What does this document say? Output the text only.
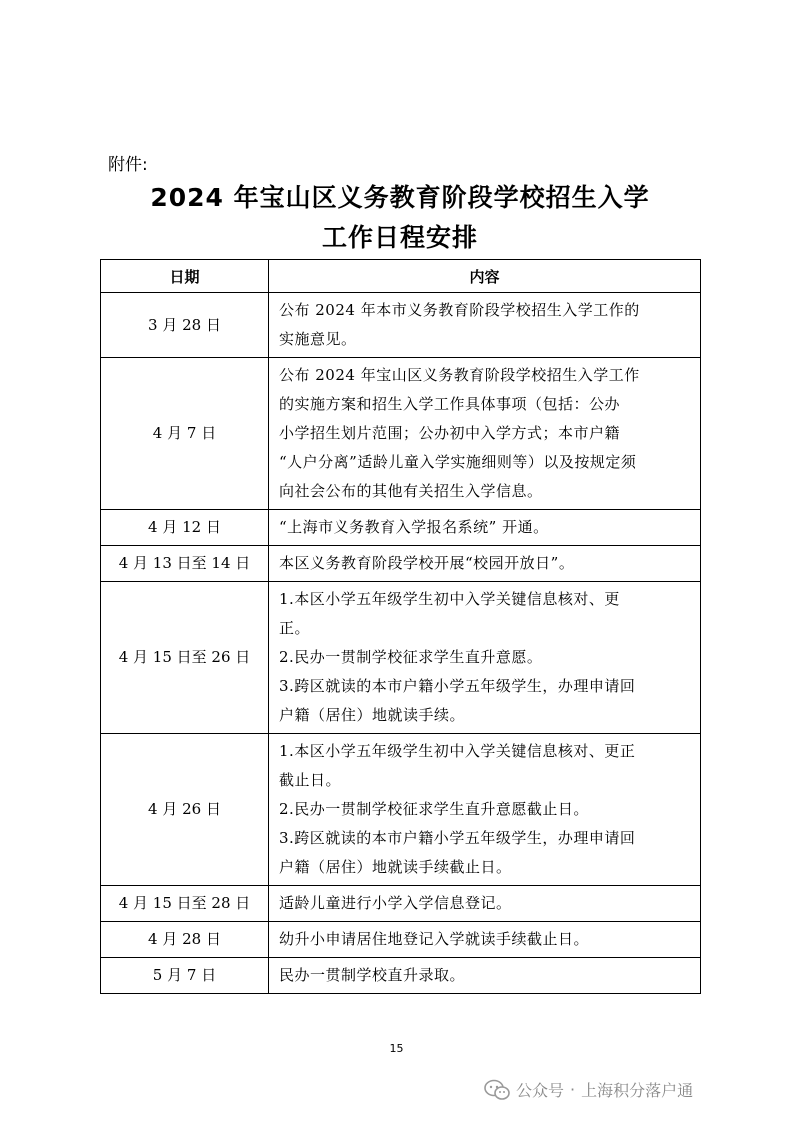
附件:
2024 年宝山区义务教育阶段学校招生入学
工作日程安排
日期	内容
3 月 28 日	公布 2024 年本市义务教育阶段学校招生入学工作的
实施意见。

4 月 7 日	公布 2024 年宝山区义务教育阶段学校招生入学工作
的实施方案和招生入学工作具体事项（包括：公办
小学招生划片范围；公办初中入学方式；本市户籍
“人户分离”适龄儿童入学实施细则等）以及按规定须
向社会公布的其他有关招生入学信息。

4 月 12 日	“上海市义务教育入学报名系统” 开通。

4 月 13 日至 14 日	本区义务教育阶段学校开展“校园开放日”。

4 月 15 日至 26 日	1.本区小学五年级学生初中入学关键信息核对、更
正。
2.民办一贯制学校征求学生直升意愿。
3.跨区就读的本市户籍小学五年级学生，办理申请回
户籍（居住）地就读手续。

4 月 26 日	1.本区小学五年级学生初中入学关键信息核对、更正
截止日。
2.民办一贯制学校征求学生直升意愿截止日。
3.跨区就读的本市户籍小学五年级学生，办理申请回
户籍（居住）地就读手续截止日。

4 月 15 日至 28 日	适龄儿童进行小学入学信息登记。

4 月 28 日	幼升小申请居住地登记入学就读手续截止日。

5 月 7 日	民办一贯制学校直升录取。
15
公众号 · 上海积分落户通
